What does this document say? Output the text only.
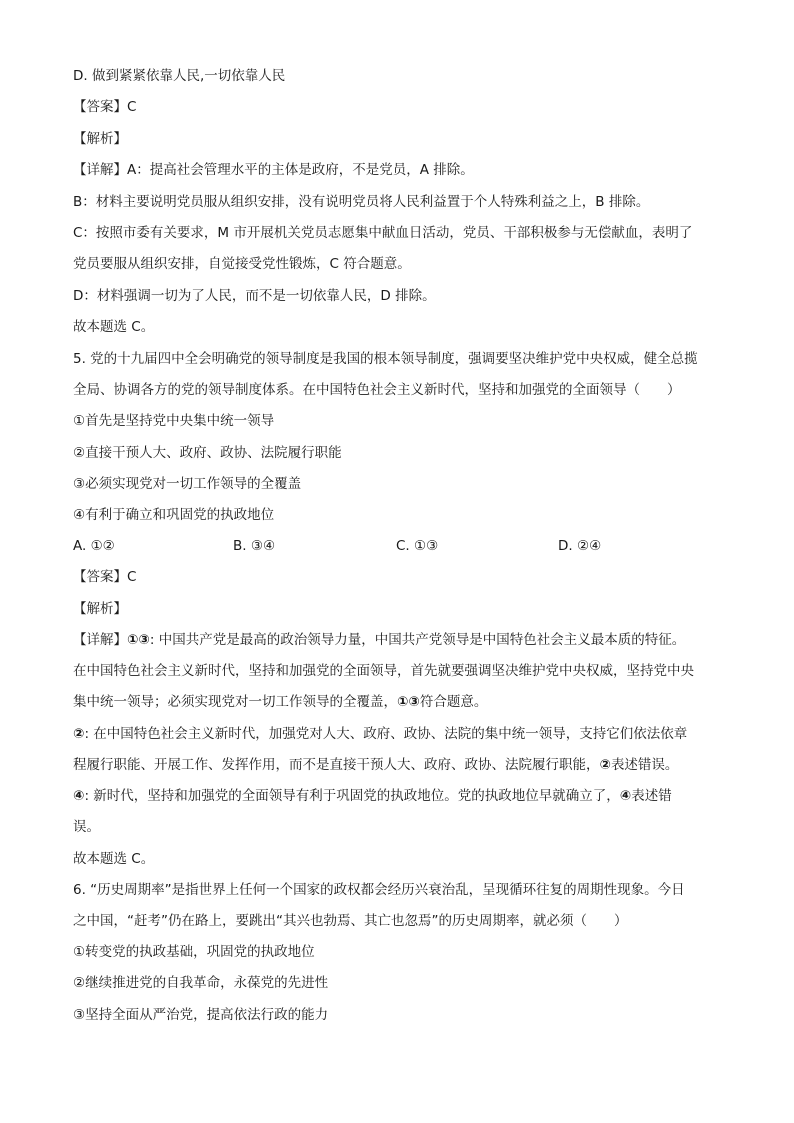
D. 做到紧紧依靠人民,一切依靠人民
【答案】C
【解析】
【详解】A：提高社会管理水平的主体是政府，不是党员，A 排除。
B：材料主要说明党员服从组织安排，没有说明党员将人民利益置于个人特殊利益之上，B 排除。
C：按照市委有关要求，M 市开展机关党员志愿集中献血日活动，党员、干部积极参与无偿献血，表明了
党员要服从组织安排，自觉接受党性锻炼，C 符合题意。
D：材料强调一切为了人民，而不是一切依靠人民，D 排除。
故本题选 C。
5. 党的十九届四中全会明确党的领导制度是我国的根本领导制度，强调要坚决维护党中央权威，健全总揽
全局、协调各方的党的领导制度体系。在中国特色社会主义新时代，坚持和加强党的全面领导（　　）
①首先是坚持党中央集中统一领导
②直接干预人大、政府、政协、法院履行职能
③必须实现党对一切工作领导的全覆盖
④有利于确立和巩固党的执政地位
A. ①②	B. ③④	C. ①③	D. ②④
【答案】C
【解析】
【详解】①③: 中国共产党是最高的政治领导力量，中国共产党领导是中国特色社会主义最本质的特征。
在中国特色社会主义新时代，坚持和加强党的全面领导，首先就要强调坚决维护党中央权威，坚持党中央
集中统一领导；必须实现党对一切工作领导的全覆盖，①③符合题意。
②: 在中国特色社会主义新时代，加强党对人大、政府、政协、法院的集中统一领导，支持它们依法依章
程履行职能、开展工作、发挥作用，而不是直接干预人大、政府、政协、法院履行职能，②表述错误。
④: 新时代，坚持和加强党的全面领导有利于巩固党的执政地位。党的执政地位早就确立了，④表述错
误。
故本题选 C。
6. “历史周期率”是指世界上任何一个国家的政权都会经历兴衰治乱，呈现循环往复的周期性现象。今日
之中国，“赶考”仍在路上，要跳出“其兴也勃焉、其亡也忽焉”的历史周期率，就必须（　　）
①转变党的执政基础，巩固党的执政地位
②继续推进党的自我革命，永葆党的先进性
③坚持全面从严治党，提高依法行政的能力
